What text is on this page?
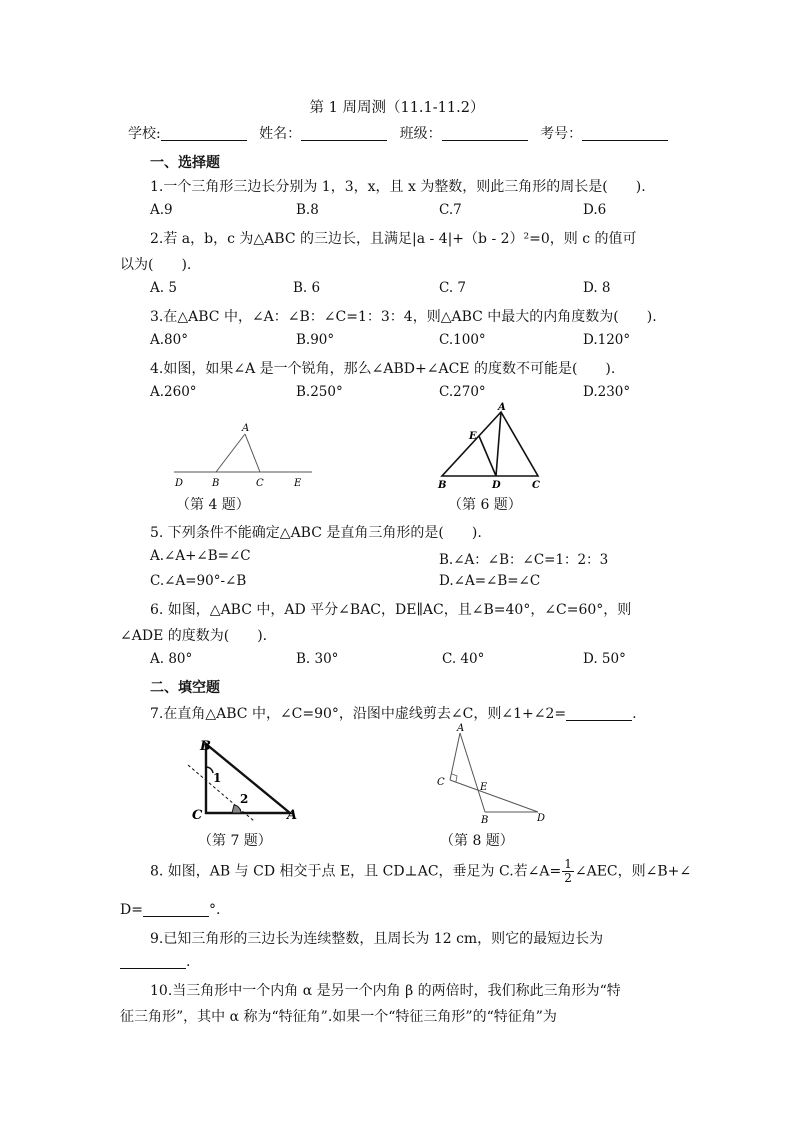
第 1 周周测（11.1-11.2）
学校:	姓名：	班级：	考号：
一、选择题
1.一个三角形三边长分别为 1，3，x，且 x 为整数，则此三角形的周长是(　　).
A.9	B.8	C.7	D.6
2.若 a，b，c 为△ABC 的三边长，且满足|a - 4|+（b - 2）²=0，则 c 的值可
以为(　　).
A. 5	B. 6	C. 7	D. 8
3.在△ABC 中，∠A：∠B：∠C=1：3：4，则△ABC 中最大的内角度数为(　　).
A.80°	B.90°	C.100°	D.120°
4.如图，如果∠A 是一个锐角，那么∠ABD+∠ACE 的度数不可能是(　　).
A.260°	B.250°	C.270°	D.230°
A
D	B	C	E
（第 4 题）
A
E
B	D	C
（第 6 题）
5. 下列条件不能确定△ABC 是直角三角形的是(　　).
A.∠A+∠B=∠C	B.∠A：∠B：∠C=1：2：3
C.∠A=90°-∠B	D.∠A=∠B=∠C
6. 如图，△ABC 中，AD 平分∠BAC，DE∥AC，且∠B=40°，∠C=60°，则
∠ADE 的度数为(　　).
A. 80°	B. 30°	C. 40°	D. 50°
二、填空题
7.在直角△ABC 中，∠C=90°，沿图中虚线剪去∠C，则∠1+∠2=	.
B
C	A
1
2
（第 7 题）
A
C	E
B	D
（第 8 题）
8. 如图，AB 与 CD 相交于点 E，且 CD⊥AC，垂足为 C.若∠A= $\frac{1}{2}$ ∠AEC，则∠B+∠
D=	°.
9.已知三角形的三边长为连续整数，且周长为 12 cm，则它的最短边长为
.
10.当三角形中一个内角 α 是另一个内角 β 的两倍时，我们称此三角形为“特
征三角形”，其中 α 称为“特征角”.如果一个“特征三角形”的“特征角”为
